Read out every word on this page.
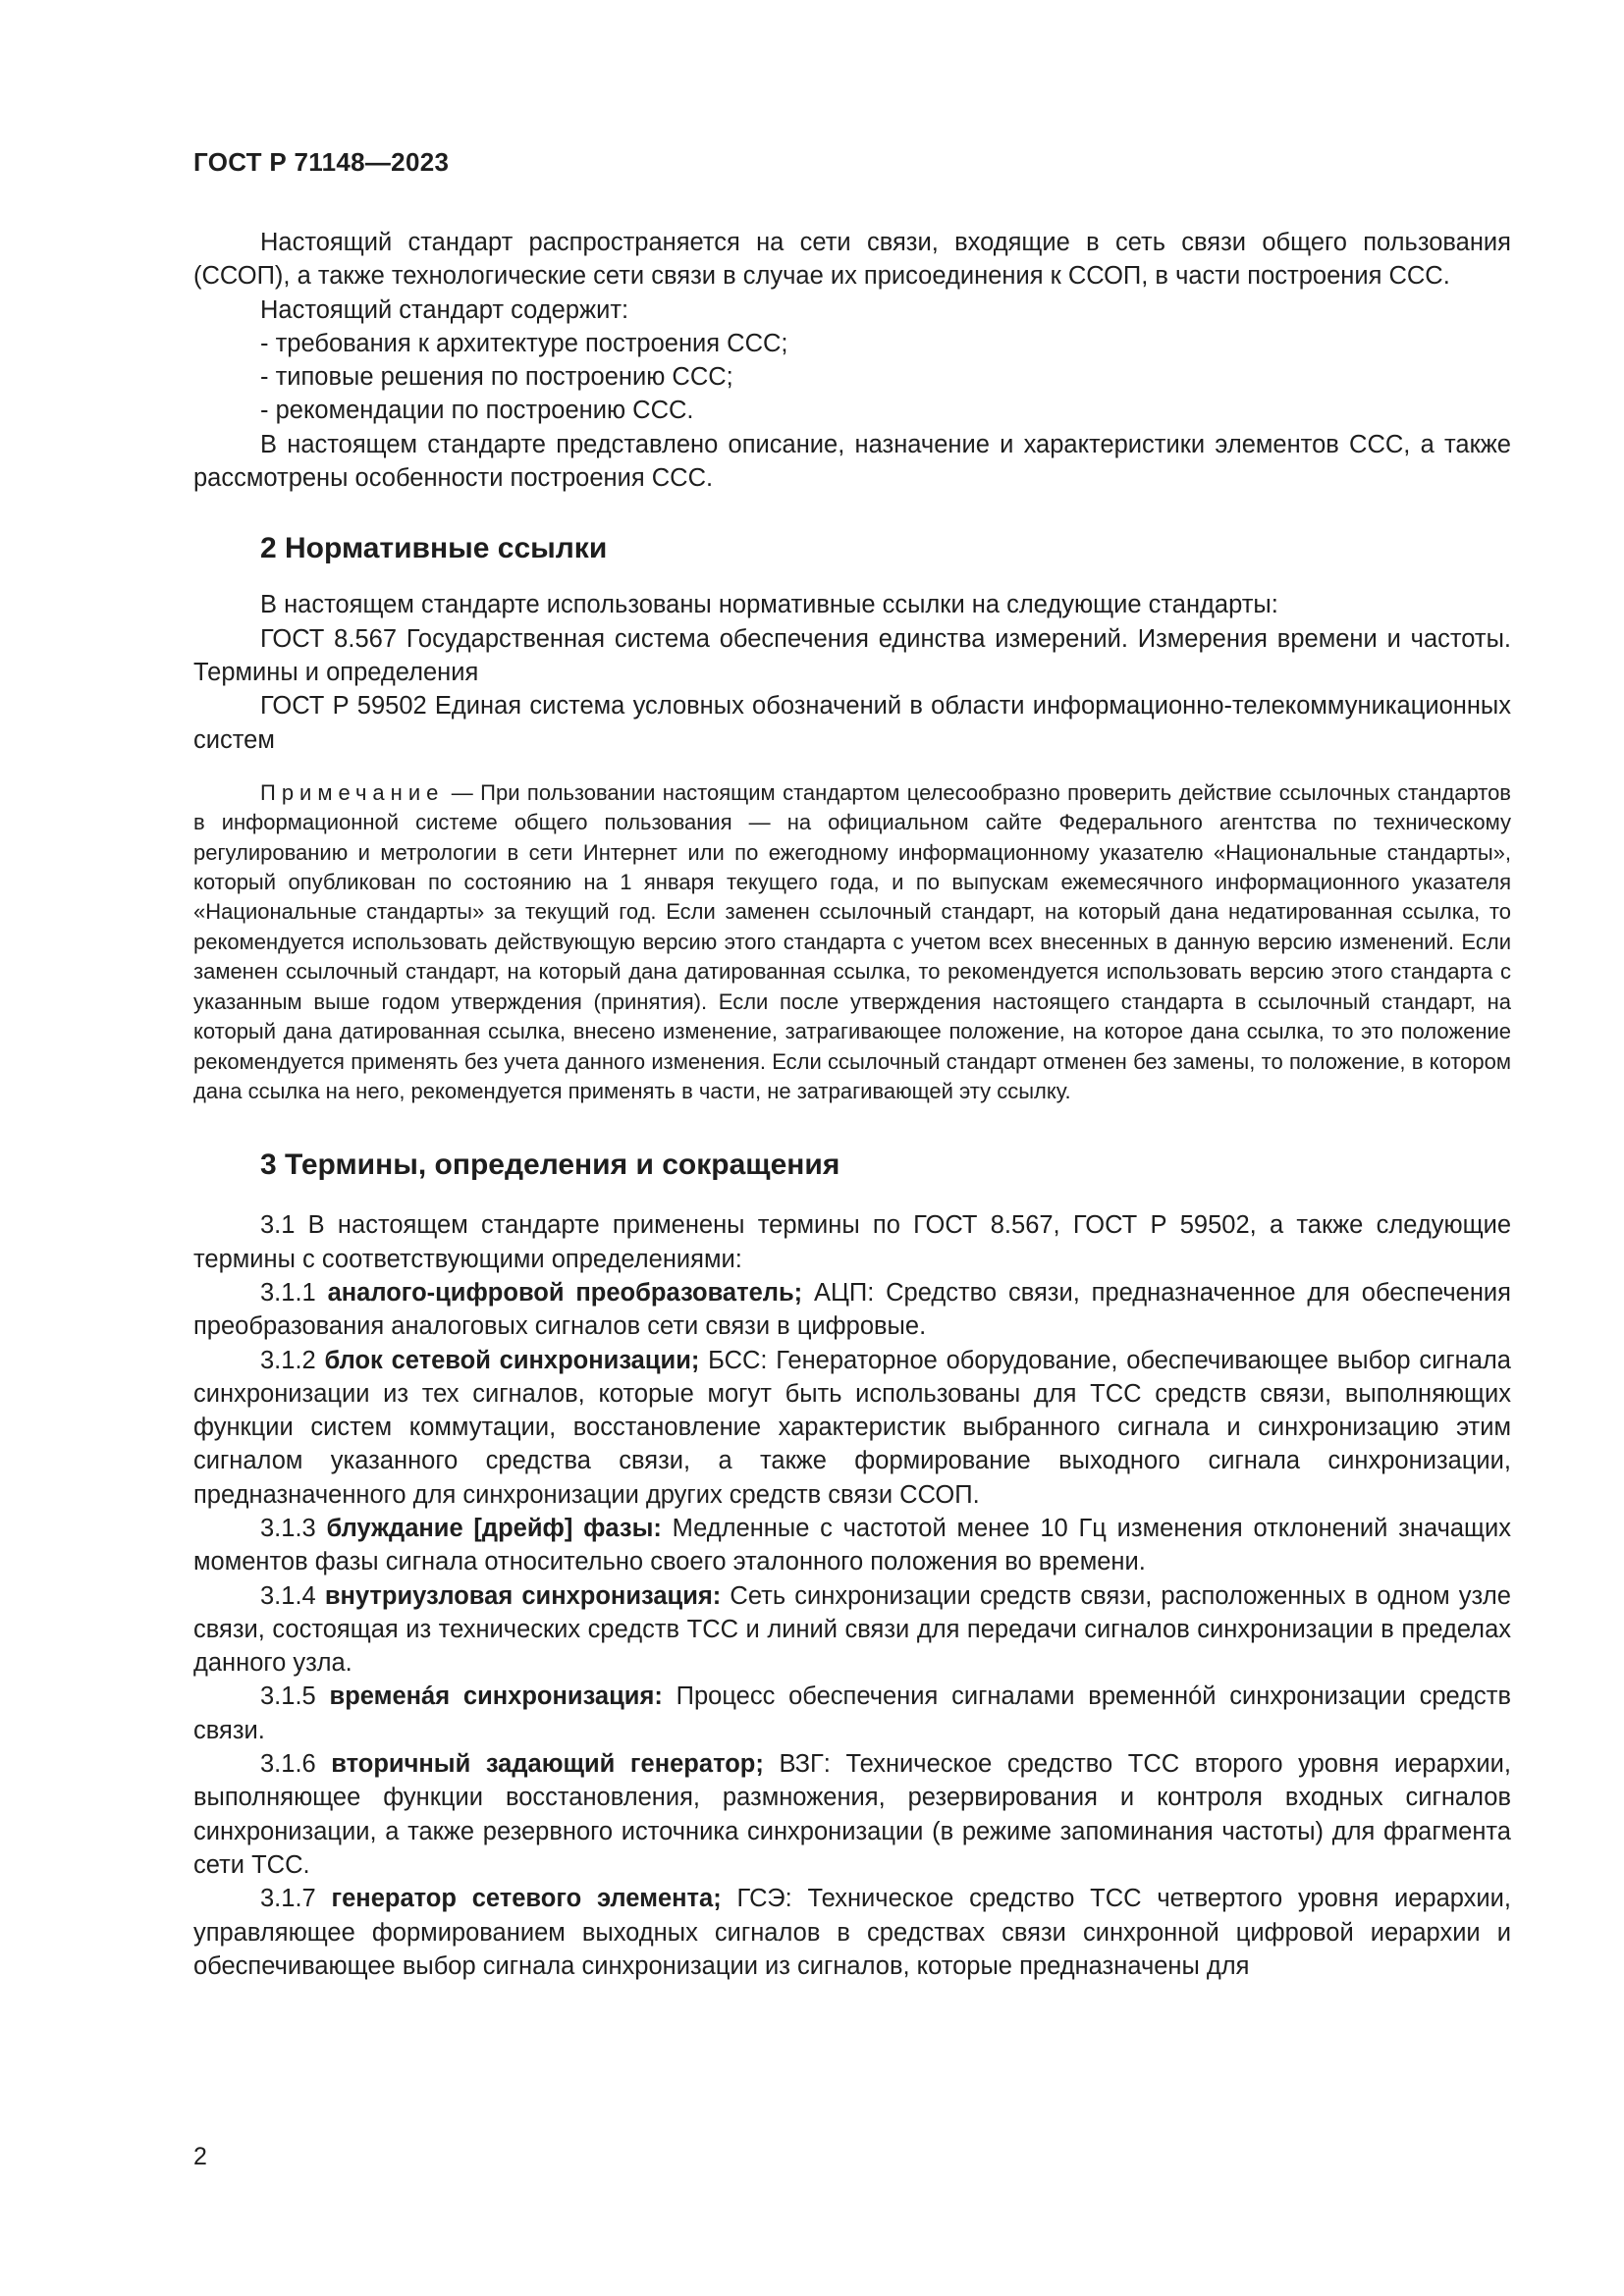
ГОСТ Р 71148—2023

Настоящий стандарт распространяется на сети связи, входящие в сеть связи общего пользования (ССОП), а также технологические сети связи в случае их присоединения к ССОП, в части построения ССС.

Настоящий стандарт содержит:

- требования к архитектуре построения ССС;

- типовые решения по построению ССС;

- рекомендации по построению ССС.

В настоящем стандарте представлено описание, назначение и характеристики элементов ССС, а также рассмотрены особенности построения ССС.

2 Нормативные ссылки

В настоящем стандарте использованы нормативные ссылки на следующие стандарты:

ГОСТ 8.567 Государственная система обеспечения единства измерений. Измерения времени и частоты. Термины и определения

ГОСТ Р 59502 Единая система условных обозначений в области информационно-телекоммуникационных систем

Примечание — При пользовании настоящим стандартом целесообразно проверить действие ссылочных стандартов в информационной системе общего пользования — на официальном сайте Федерального агентства по техническому регулированию и метрологии в сети Интернет или по ежегодному информационному указателю «Национальные стандарты», который опубликован по состоянию на 1 января текущего года, и по выпускам ежемесячного информационного указателя «Национальные стандарты» за текущий год. Если заменен ссылочный стандарт, на который дана недатированная ссылка, то рекомендуется использовать действующую версию этого стандарта с учетом всех внесенных в данную версию изменений. Если заменен ссылочный стандарт, на который дана датированная ссылка, то рекомендуется использовать версию этого стандарта с указанным выше годом утверждения (принятия). Если после утверждения настоящего стандарта в ссылочный стандарт, на который дана датированная ссылка, внесено изменение, затрагивающее положение, на которое дана ссылка, то это положение рекомендуется применять без учета данного изменения. Если ссылочный стандарт отменен без замены, то положение, в котором дана ссылка на него, рекомендуется применять в части, не затрагивающей эту ссылку.
3 Термины, определения и сокращения

3.1 В настоящем стандарте применены термины по ГОСТ 8.567, ГОСТ Р 59502, а также следующие термины с соответствующими определениями:

3.1.1 аналого-цифровой преобразователь; АЦП: Средство связи, предназначенное для обеспечения преобразования аналоговых сигналов сети связи в цифровые.

3.1.2 блок сетевой синхронизации; БСС: Генераторное оборудование, обеспечивающее выбор сигнала синхронизации из тех сигналов, которые могут быть использованы для ТСС средств связи, выполняющих функции систем коммутации, восстановление характеристик выбранного сигнала и синхронизацию этим сигналом указанного средства связи, а также формирование выходного сигнала синхронизации, предназначенного для синхронизации других средств связи ССОП.

3.1.3 блуждание [дрейф] фазы: Медленные с частотой менее 10 Гц изменения отклонений значащих моментов фазы сигнала относительно своего эталонного положения во времени.

3.1.4 внутриузловая синхронизация: Сеть синхронизации средств связи, расположенных в одном узле связи, состоящая из технических средств ТСС и линий связи для передачи сигналов синхронизации в пределах данного узла.

3.1.5 временáя синхронизация: Процесс обеспечения сигналами временнóй синхронизации средств связи.

3.1.6 вторичный задающий генератор; ВЗГ: Техническое средство ТСС второго уровня иерархии, выполняющее функции восстановления, размножения, резервирования и контроля входных сигналов синхронизации, а также резервного источника синхронизации (в режиме запоминания частоты) для фрагмента сети ТСС.

3.1.7 генератор сетевого элемента; ГСЭ: Техническое средство ТСС четвертого уровня иерархии, управляющее формированием выходных сигналов в средствах связи синхронной цифровой иерархии и обеспечивающее выбор сигнала синхронизации из сигналов, которые предназначены для

2
